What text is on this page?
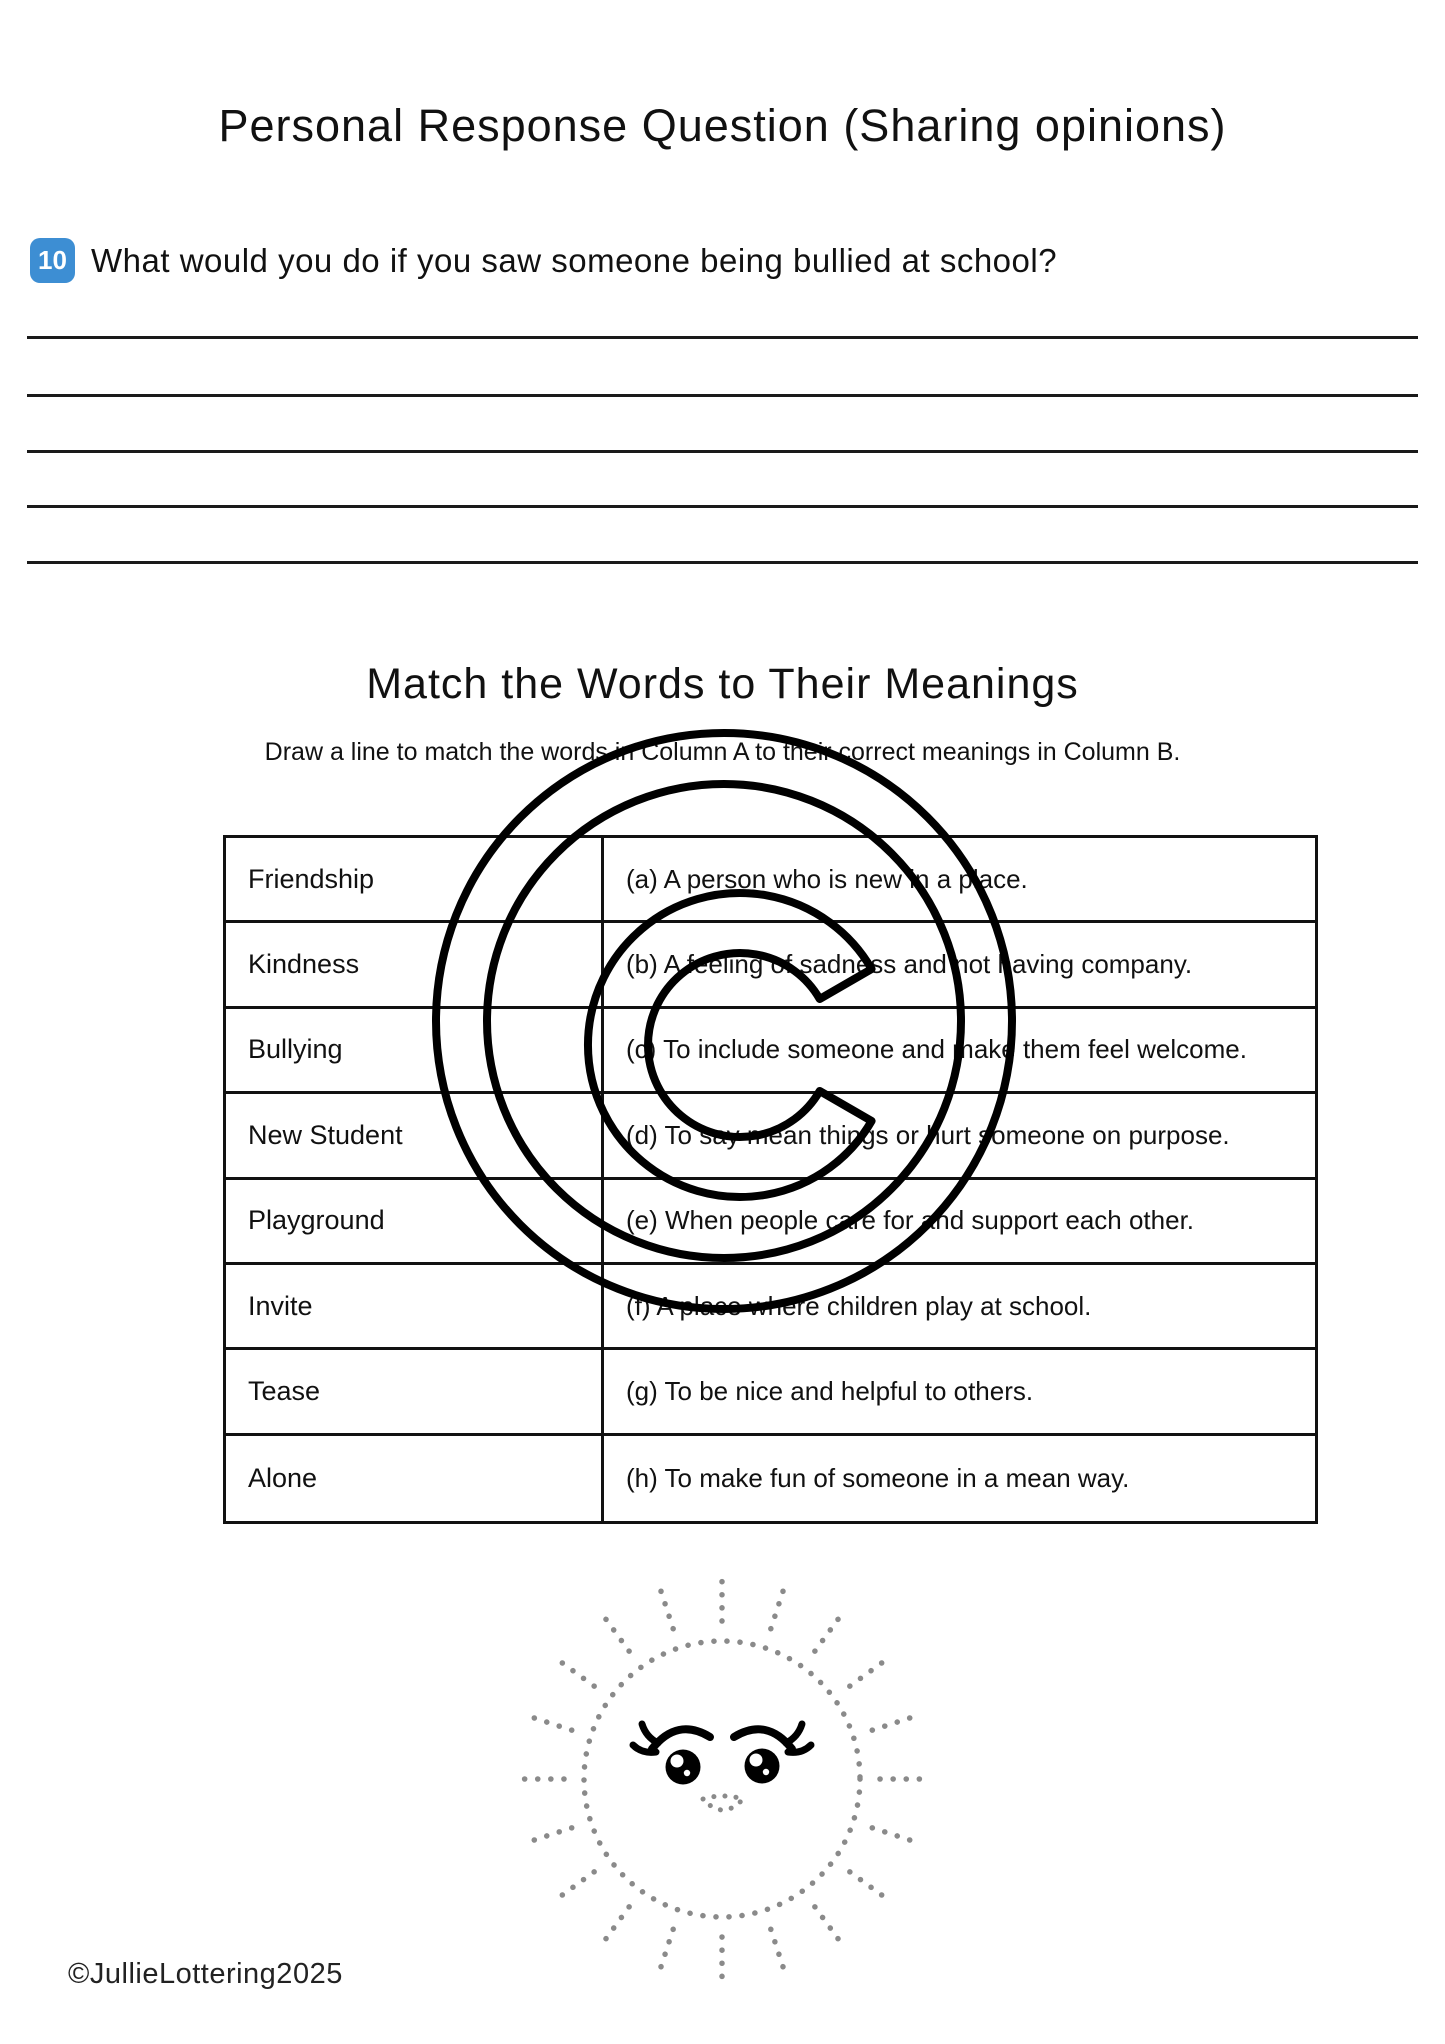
Personal Response Question (Sharing opinions)
10 What would you do if you saw someone being bullied at school?
Match the Words to Their Meanings
Draw a line to match the words in Column A to their correct meanings in Column B.
Friendship	(a) A person who is new in a place.
Kindness	(b) A feeling of sadness and not having company.
Bullying	(c) To include someone and make them feel welcome.
New Student	(d) To say mean things or hurt someone on purpose.
Playground	(e) When people care for and support each other.
Invite	(f) A place where children play at school.
Tease	(g) To be nice and helpful to others.
Alone	(h) To make fun of someone in a mean way.
©JullieLottering2025
